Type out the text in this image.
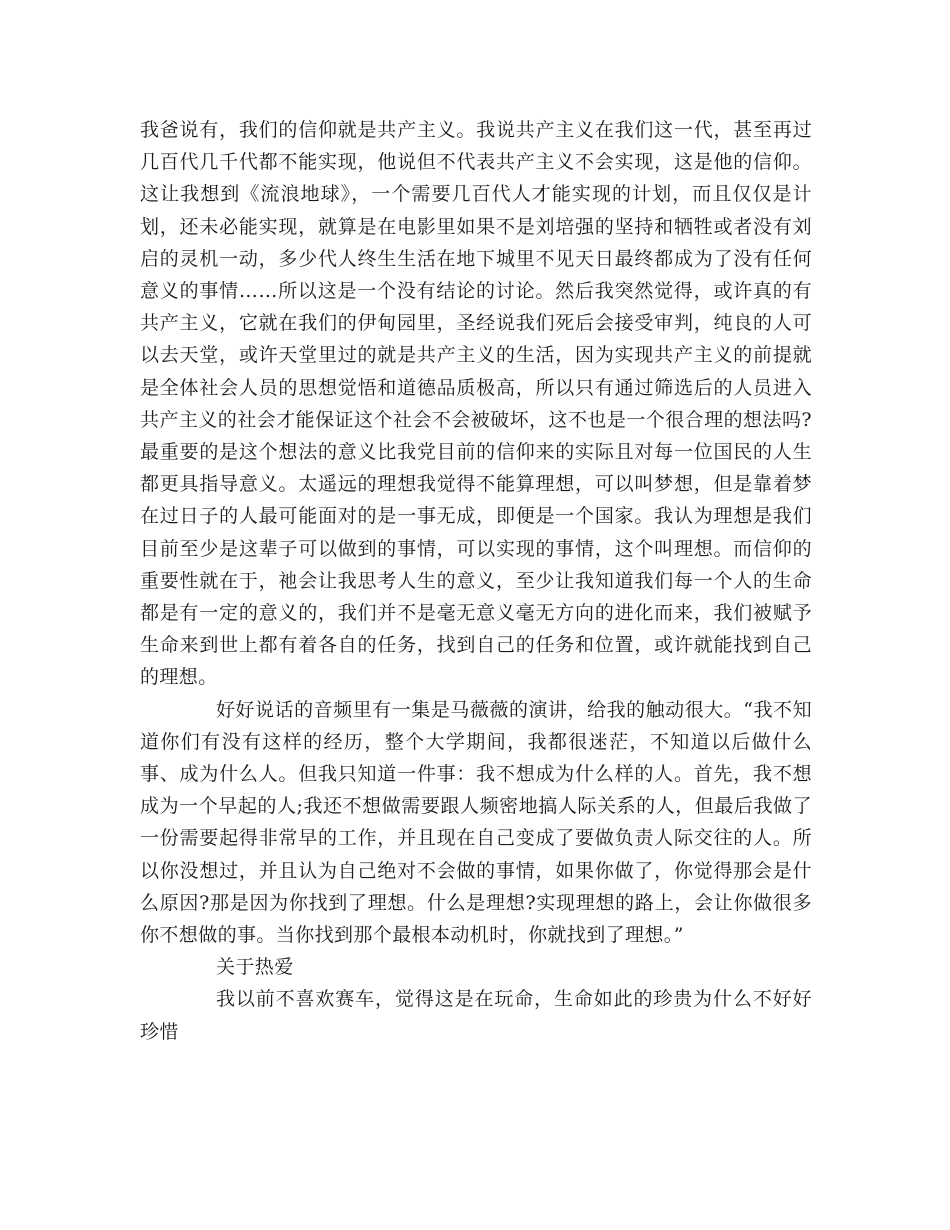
我爸说有，我们的信仰就是共产主义。我说共产主义在我们这一代，甚至再过几百代几千代都不能实现，他说但不代表共产主义不会实现，这是他的信仰。这让我想到《流浪地球》，一个需要几百代人才能实现的计划，而且仅仅是计划，还未必能实现，就算是在电影里如果不是刘培强的坚持和牺牲或者没有刘启的灵机一动，多少代人终生生活在地下城里不见天日最终都成为了没有任何意义的事情……所以这是一个没有结论的讨论。然后我突然觉得，或许真的有共产主义，它就在我们的伊甸园里，圣经说我们死后会接受审判，纯良的人可以去天堂，或许天堂里过的就是共产主义的生活，因为实现共产主义的前提就是全体社会人员的思想觉悟和道德品质极高，所以只有通过筛选后的人员进入共产主义的社会才能保证这个社会不会被破坏，这不也是一个很合理的想法吗?最重要的是这个想法的意义比我党目前的信仰来的实际且对每一位国民的人生都更具指导意义。太遥远的理想我觉得不能算理想，可以叫梦想，但是靠着梦在过日子的人最可能面对的是一事无成，即便是一个国家。我认为理想是我们目前至少是这辈子可以做到的事情，可以实现的事情，这个叫理想。而信仰的重要性就在于，祂会让我思考人生的意义，至少让我知道我们每一个人的生命都是有一定的意义的，我们并不是毫无意义毫无方向的进化而来，我们被赋予生命来到世上都有着各自的任务，找到自己的任务和位置，或许就能找到自己的理想。

好好说话的音频里有一集是马薇薇的演讲，给我的触动很大。“我不知道你们有没有这样的经历，整个大学期间，我都很迷茫，不知道以后做什么事、成为什么人。但我只知道一件事：我不想成为什么样的人。首先，我不想成为一个早起的人;我还不想做需要跟人频密地搞人际关系的人，但最后我做了一份需要起得非常早的工作，并且现在自己变成了要做负责人际交往的人。所以你没想过，并且认为自己绝对不会做的事情，如果你做了，你觉得那会是什么原因?那是因为你找到了理想。什么是理想?实现理想的路上，会让你做很多你不想做的事。当你找到那个最根本动机时，你就找到了理想。”

关于热爱

我以前不喜欢赛车，觉得这是在玩命，生命如此的珍贵为什么不好好珍惜
